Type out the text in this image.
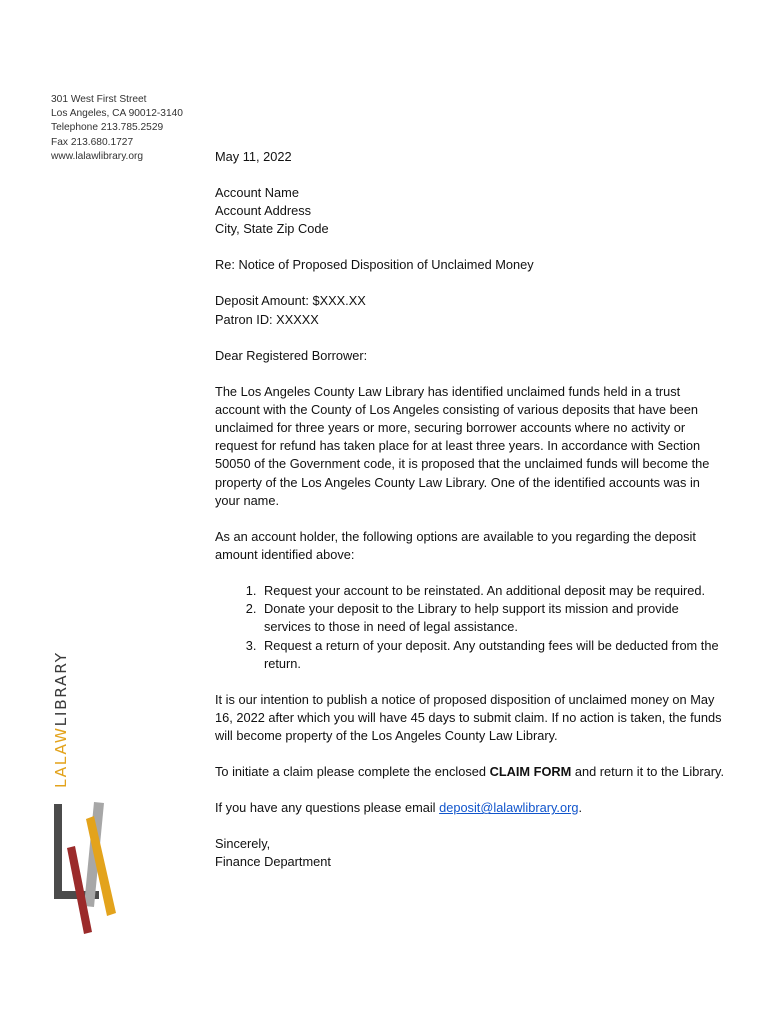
301 West First Street
Los Angeles, CA 90012-3140
Telephone 213.785.2529
Fax 213.680.1727
www.lalawlibrary.org	May 11, 2022

Account Name

Account Address

City, State Zip Code

Re: Notice of Proposed Disposition of Unclaimed Money

Deposit Amount: $XXX.XX

Patron ID: XXXXX

Dear Registered Borrower:

The Los Angeles County Law Library has identified unclaimed funds held in a trust account with the County of Los Angeles consisting of various deposits that have been unclaimed for three years or more, securing borrower accounts where no activity or request for refund has taken place for at least three years. In accordance with Section 50050 of the Government code, it is proposed that the unclaimed funds will become the property of the Los Angeles County Law Library. One of the identified accounts was in your name.

As an account holder, the following options are available to you regarding the deposit amount identified above:

1. Request your account to be reinstated. An additional deposit may be required.
2. Donate your deposit to the Library to help support its mission and provide services to those in need of legal assistance.
3. Request a return of your deposit. Any outstanding fees will be deducted from the return.

It is our intention to publish a notice of proposed disposition of unclaimed money on May 16, 2022 after which you will have 45 days to submit claim. If no action is taken, the funds will become property of the Los Angeles County Law Library.

To initiate a claim please complete the enclosed CLAIM FORM and return it to the Library.

If you have any questions please email deposit@lalawlibrary.org.

Sincerely,

Finance Department

LALAWLIBRARY
